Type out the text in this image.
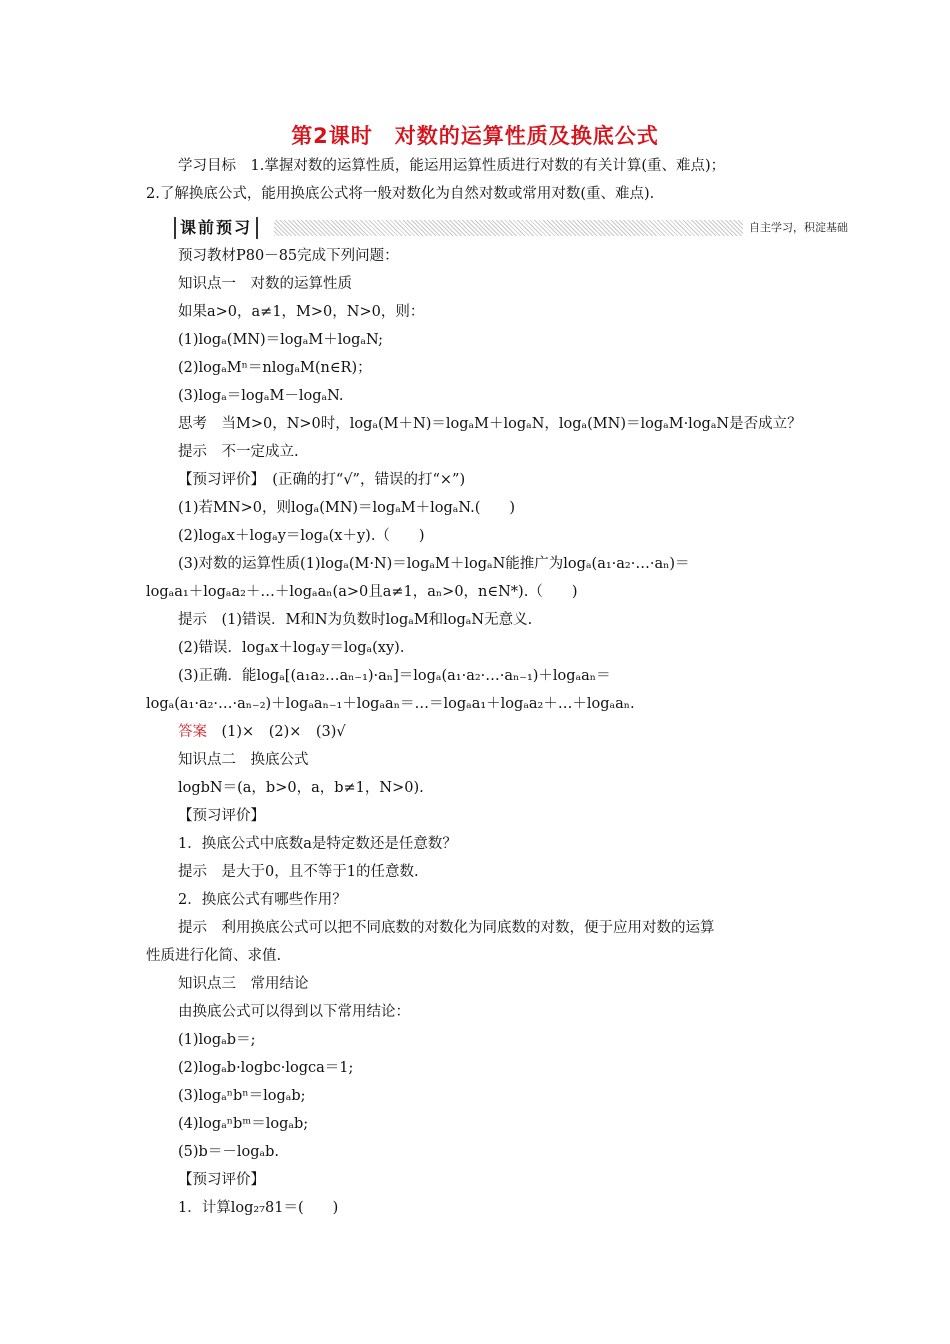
第2课时　对数的运算性质及换底公式
学习目标　1.掌握对数的运算性质，能运用运算性质进行对数的有关计算(重、难点)；
2.了解换底公式，能用换底公式将一般对数化为自然对数或常用对数(重、难点).
课前预习	自主学习，积淀基础
预习教材P80－85完成下列问题：
知识点一　对数的运算性质
如果a>0，a≠1，M>0，N>0，则：
(1)logₐ(MN)＝logₐM＋logₐN;
(2)logₐMⁿ＝nlogₐM(n∈R)；
(3)logₐ＝logₐM－logₐN.
思考　当M>0，N>0时，logₐ(M＋N)＝logₐM＋logₐN，logₐ(MN)＝logₐM·logₐN是否成立？
提示　不一定成立.
【预习评价】　(正确的打“√”，错误的打“×”)
(1)若MN>0，则logₐ(MN)＝logₐM＋logₐN.(　　)
(2)logₐx＋logₐy＝logₐ(x＋y).（　　)
(3)对数的运算性质(1)logₐ(M·N)＝logₐM＋logₐN能推广为logₐ(a₁·a₂·…·aₙ)＝
logₐa₁＋logₐa₂＋…＋logₐaₙ(a>0且a≠1，aₙ>0，n∈N*).（　　)
提示　(1)错误．M和N为负数时logₐM和logₐN无意义.
(2)错误．logₐx＋logₐy＝logₐ(xy).
(3)正确．能logₐ[(a₁a₂…aₙ₋₁)·aₙ]＝logₐ(a₁·a₂·…·aₙ₋₁)＋logₐaₙ＝
logₐ(a₁·a₂·…·aₙ₋₂)＋logₐaₙ₋₁＋logₐaₙ＝…＝logₐa₁＋logₐa₂＋…＋logₐaₙ.
答案　(1)×　(2)×　(3)√
知识点二　换底公式
logbN＝(a，b>0，a，b≠1，N>0).
【预习评价】
1．换底公式中底数a是特定数还是任意数？
提示　是大于0，且不等于1的任意数.
2．换底公式有哪些作用？
提示　利用换底公式可以把不同底数的对数化为同底数的对数，便于应用对数的运算
性质进行化简、求值.
知识点三　常用结论
由换底公式可以得到以下常用结论：
(1)logₐb＝;
(2)logₐb·logbc·logca＝1;
(3)logₐⁿbⁿ＝logₐb;
(4)logₐⁿbᵐ＝logₐb;
(5)b＝－logₐb.
【预习评价】
1．计算log₂₇81＝(　　)
